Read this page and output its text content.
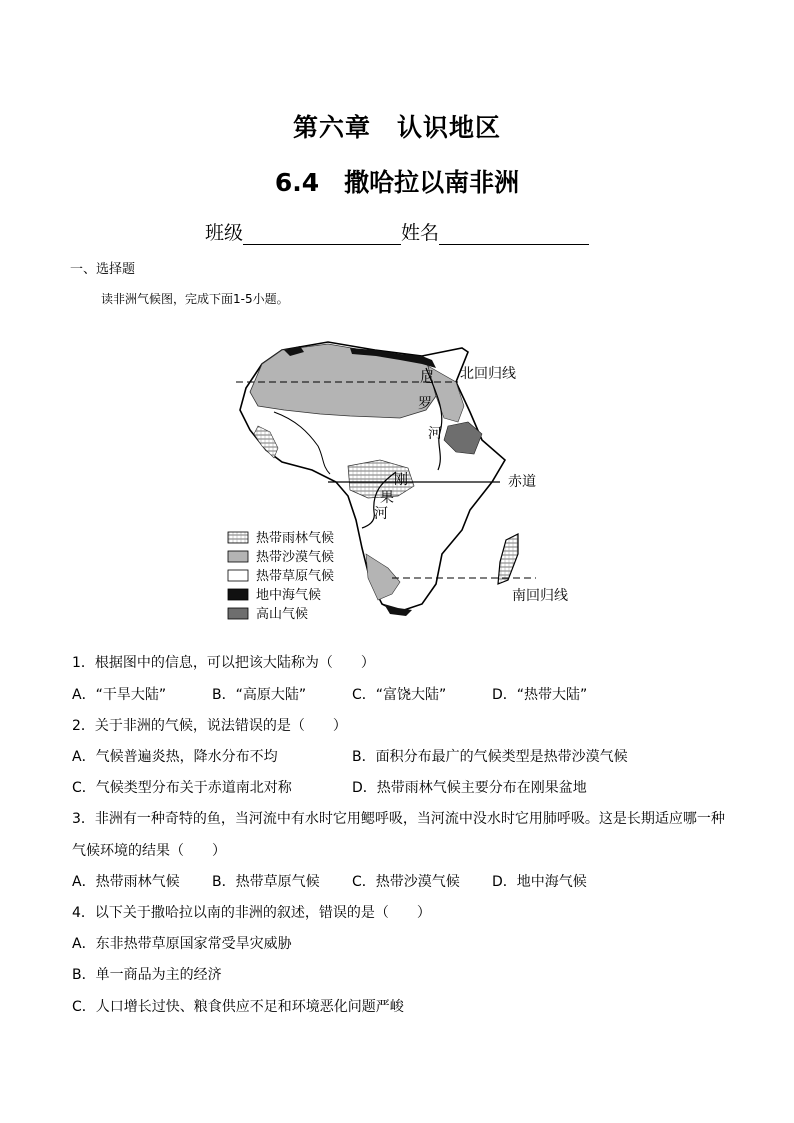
第六章　认识地区
6.4　撒哈拉以南非洲
班级	姓名
一、选择题
读非洲气候图，完成下面1-5小题。
北回归线
赤道
南回归线
尼
罗
河
刚
果
河
热带雨林气候
热带沙漠气候
热带草原气候
地中海气候
高山气候
1．根据图中的信息，可以把该大陆称为（　　）
A．“干旱大陆”	B．“高原大陆”	C．“富饶大陆”	D．“热带大陆”
2．关于非洲的气候，说法错误的是（　　）
A．气候普遍炎热，降水分布不均	B．面积分布最广的气候类型是热带沙漠气候
C．气候类型分布关于赤道南北对称	D．热带雨林气候主要分布在刚果盆地
3．非洲有一种奇特的鱼，当河流中有水时它用鳃呼吸，当河流中没水时它用肺呼吸。这是长期适应哪一种
气候环境的结果（　　）
A．热带雨林气候 B．热带草原气候 C．热带沙漠气候 D．地中海气候
4．以下关于撒哈拉以南的非洲的叙述，错误的是（　　）
A．东非热带草原国家常受旱灾威胁
B．单一商品为主的经济
C．人口增长过快、粮食供应不足和环境恶化问题严峻
